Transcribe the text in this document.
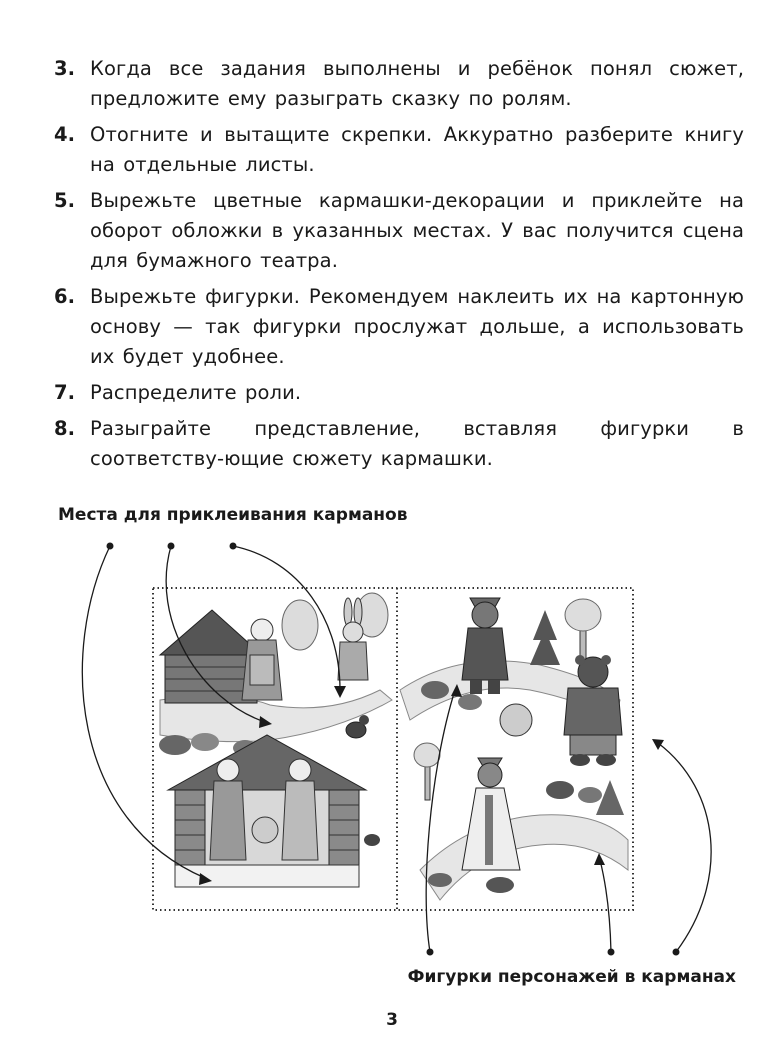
3. Когда все задания выполнены и ребёнок понял сюжет, предложите ему разыграть сказку по ролям.
4. Отогните и вытащите скрепки. Аккуратно разберите книгу на отдельные листы.
5. Вырежьте цветные кармашки-декорации и приклейте на оборот обложки в указанных местах. У вас получится сцена для бумажного театра.
6. Вырежьте фигурки. Рекомендуем наклеить их на картонную основу — так фигурки прослужат дольше, а использовать их будет удобнее.
7. Распределите роли.
8. Разыграйте представление, вставляя фигурки в соответству-ющие сюжету кармашки.
Места для приклеивания карманов
Фигурки персонажей в карманах
3
